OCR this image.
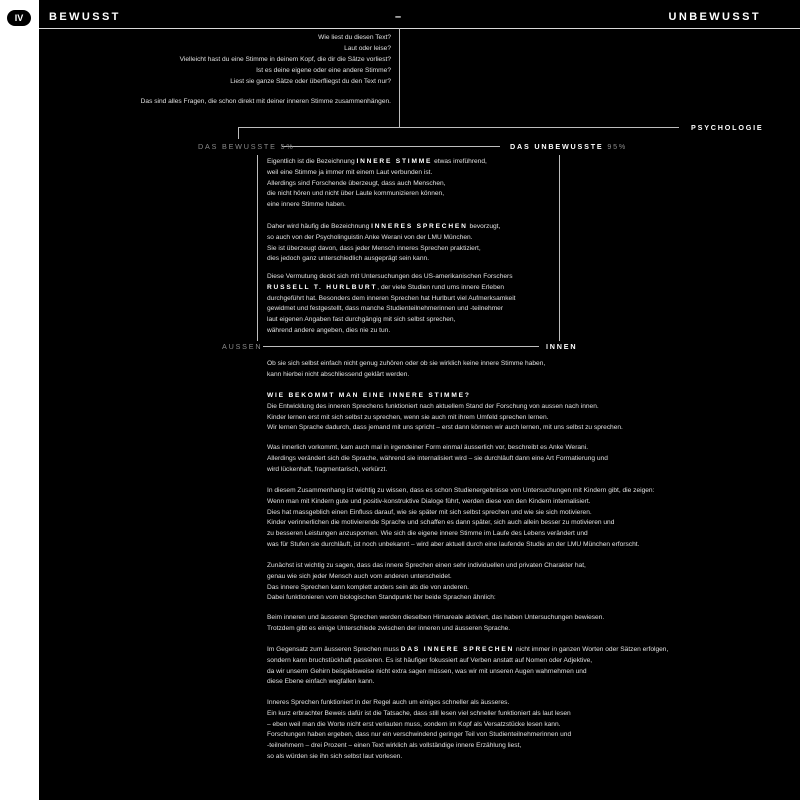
IV	BEWUSST	–	UNBEWUSST
Wie liest du diesen Text?
Laut oder leise?
Vielleicht hast du eine Stimme in deinem Kopf, die dir die Sätze vorliest?
Ist es deine eigene oder eine andere Stimme?
Liest sie ganze Sätze oder überfliegst du den Text nur?
Das sind alles Fragen, die schon direkt mit deiner inneren Stimme zusammenhängen.
PSYCHOLOGIE
DAS BEWUSSTE 5%	DAS UNBEWUSSTE 95%
AUSSEN	INNEN
Eigentlich ist die Bezeichnung INNERE STIMME etwas irreführend,
weil eine Stimme ja immer mit einem Laut verbunden ist.
Allerdings sind Forschende überzeugt, dass auch Menschen,
die nicht hören und nicht über Laute kommunizieren können,
eine innere Stimme haben.
Daher wird häufig die Bezeichnung INNERES SPRECHEN bevorzugt,
so auch von der Psycholinguistin Anke Werani von der LMU München.
Sie ist überzeugt davon, dass jeder Mensch inneres Sprechen praktiziert,
dies jedoch ganz unterschiedlich ausgeprägt sein kann.
Diese Vermutung deckt sich mit Untersuchungen des US-amerikanischen Forschers
RUSSELL T. HURLBURT, der viele Studien rund ums innere Erleben
durchgeführt hat. Besonders dem inneren Sprechen hat Hurlburt viel Aufmerksamkeit
gewidmet und festgestellt, dass manche Studienteilnehmerinnen und -teilnehmer
laut eigenen Angaben fast durchgängig mit sich selbst sprechen,
während andere angeben, dies nie zu tun.
Ob sie sich selbst einfach nicht genug zuhören oder ob sie wirklich keine innere Stimme haben,
kann hierbei nicht abschliessend geklärt werden.
WIE BEKOMMT MAN EINE INNERE STIMME?
Die Entwicklung des inneren Sprechens funktioniert nach aktuellem Stand der Forschung von aussen nach innen.
Kinder lernen erst mit sich selbst zu sprechen, wenn sie auch mit ihrem Umfeld sprechen lernen.
Wir lernen Sprache dadurch, dass jemand mit uns spricht – erst dann können wir auch lernen, mit uns selbst zu sprechen.
Was innerlich vorkommt, kam auch mal in irgendeiner Form einmal äusserlich vor, beschreibt es Anke Werani.
Allerdings verändert sich die Sprache, während sie internalisiert wird – sie durchläuft dann eine Art Formatierung und
wird lückenhaft, fragmentarisch, verkürzt.
In diesem Zusammenhang ist wichtig zu wissen, dass es schon Studienergebnisse von Untersuchungen mit Kindern gibt, die zeigen:
Wenn man mit Kindern gute und positiv-konstruktive Dialoge führt, werden diese von den Kindern internalisiert.
Dies hat massgeblich einen Einfluss darauf, wie sie später mit sich selbst sprechen und wie sie sich motivieren.
Kinder verinnerlichen die motivierende Sprache und schaffen es dann später, sich auch allein besser zu motivieren und
zu besseren Leistungen anzuspornen. Wie sich die eigene innere Stimme im Laufe des Lebens verändert und
was für Stufen sie durchläuft, ist noch unbekannt – wird aber aktuell durch eine laufende Studie an der LMU München erforscht.
Zunächst ist wichtig zu sagen, dass das innere Sprechen einen sehr individuellen und privaten Charakter hat,
genau wie sich jeder Mensch auch vom anderen unterscheidet.
Das innere Sprechen kann komplett anders sein als die von anderen.
Dabei funktionieren vom biologischen Standpunkt her beide Sprachen ähnlich:
Beim inneren und äusseren Sprechen werden dieselben Hirnareale aktiviert, das haben Untersuchungen bewiesen.
Trotzdem gibt es einige Unterschiede zwischen der inneren und äusseren Sprache.
Im Gegensatz zum äusseren Sprechen muss DAS INNERE SPRECHEN nicht immer in ganzen Worten oder Sätzen erfolgen,
sondern kann bruchstückhaft passieren. Es ist häufiger fokussiert auf Verben anstatt auf Nomen oder Adjektive,
da wir unserm Gehirn beispielsweise nicht extra sagen müssen, was wir mit unseren Augen wahrnehmen und
diese Ebene einfach wegfallen kann.
Inneres Sprechen funktioniert in der Regel auch um einiges schneller als äusseres.
Ein kurz erbrachter Beweis dafür ist die Tatsache, dass still lesen viel schneller funktioniert als laut lesen
– eben weil man die Worte nicht erst verlauten muss, sondern im Kopf als Versatzstücke lesen kann.
Forschungen haben ergeben, dass nur ein verschwindend geringer Teil von Studienteilnehmerinnen und
-teilnehmern – drei Prozent – einen Text wirklich als vollständige innere Erzählung liest,
so als würden sie ihn sich selbst laut vorlesen.
